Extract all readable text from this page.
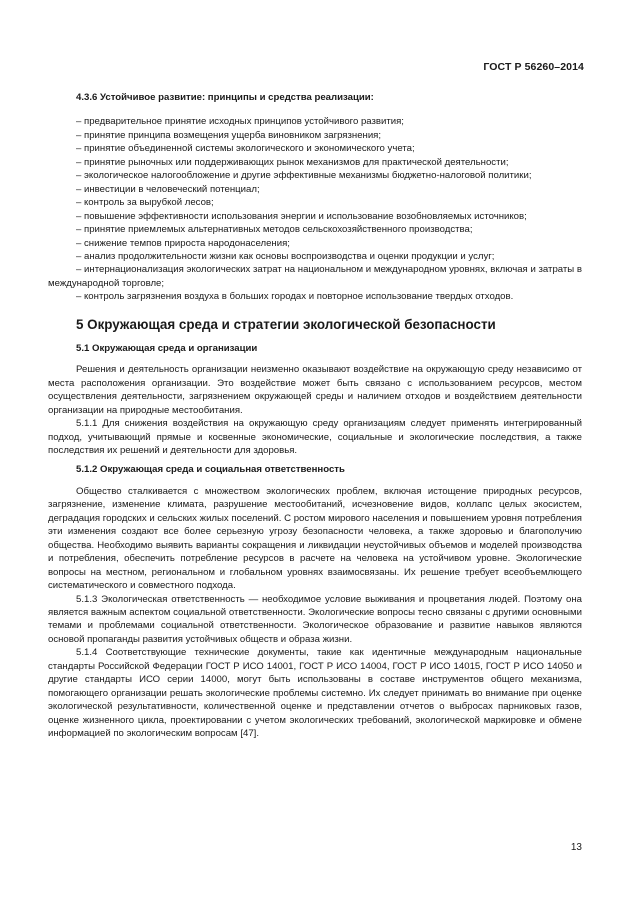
ГОСТ Р 56260–2014

4.3.6 Устойчивое развитие: принципы и средства реализации:

– предварительное принятие исходных принципов устойчивого развития;

– принятие принципа возмещения ущерба виновником загрязнения;

– принятие объединенной системы экологического и экономического учета;

– принятие рыночных или поддерживающих рынок механизмов для практической деятельности;

– экологическое налогообложение и другие эффективные механизмы бюджетно-налоговой политики;

– инвестиции в человеческий потенциал;

– контроль за вырубкой лесов;

– повышение эффективности использования энергии и использование возобновляемых источников;

– принятие приемлемых альтернативных методов сельскохозяйственного производства;

– снижение темпов прироста народонаселения;

– анализ продолжительности жизни как основы воспроизводства и оценки продукции и услуг;

– интернационализация экологических затрат на национальном и международном уровнях, включая и затраты в международной торговле;

– контроль загрязнения воздуха в больших городах и повторное использование твердых отходов.

5 Окружающая среда и стратегии экологической безопасности

5.1 Окружающая среда и организации

Решения и деятельность организации неизменно оказывают воздействие на окружающую среду независимо от места расположения организации. Это воздействие может быть связано с использованием ресурсов, местом осуществления деятельности, загрязнением окружающей среды и наличием отходов и воздействием деятельности организации на природные местообитания.

5.1.1 Для снижения воздействия на окружающую среду организациям следует применять интегрированный подход, учитывающий прямые и косвенные экономические, социальные и экологические последствия, а также последствия их решений и деятельности для здоровья.

5.1.2 Окружающая среда и социальная ответственность

Общество сталкивается с множеством экологических проблем, включая истощение природных ресурсов, загрязнение, изменение климата, разрушение местообитаний, исчезновение видов, коллапс целых экосистем, деградация городских и сельских жилых поселений. С ростом мирового населения и повышением уровня потребления эти изменения создают все более серьезную угрозу безопасности человека, а также здоровью и благополучию общества. Необходимо выявить варианты сокращения и ликвидации неустойчивых объемов и моделей производства и потребления, обеспечить потребление ресурсов в расчете на человека на устойчивом уровне. Экологические вопросы на местном, региональном и глобальном уровнях взаимосвязаны. Их решение требует всеобъемлющего систематического и совместного подхода.

5.1.3 Экологическая ответственность — необходимое условие выживания и процветания людей. Поэтому она является важным аспектом социальной ответственности. Экологические вопросы тесно связаны с другими основными темами и проблемами социальной ответственности. Экологическое образование и развитие навыков являются основой пропаганды развития устойчивых обществ и образа жизни.

5.1.4 Соответствующие технические документы, такие как идентичные международным национальные стандарты Российской Федерации ГОСТ Р ИСО 14001, ГОСТ Р ИСО 14004, ГОСТ Р ИСО 14015, ГОСТ Р ИСО 14050 и другие стандарты ИСО серии 14000, могут быть использованы в составе инструментов общего механизма, помогающего организации решать экологические проблемы системно. Их следует принимать во внимание при оценке экологической результативности, количественной оценке и представлении отчетов о выбросах парниковых газов, оценке жизненного цикла, проектировании с учетом экологических требований, экологической маркировке и обмене информацией по экологическим вопросам [47].

13
